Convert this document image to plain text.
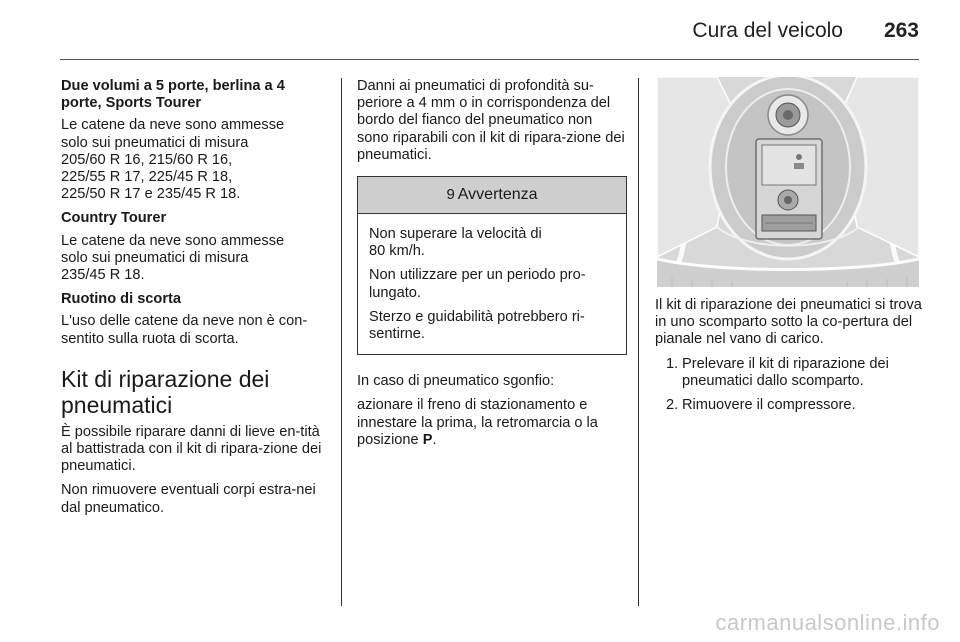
Cura del veicolo 263

Due volumi a 5 porte, berlina a 4 porte, Sports Tourer

Le catene da neve sono ammesse
solo sui pneumatici di misura
205/60 R 16, 215/60 R 16,
225/55 R 17, 225/45 R 18,
225/50 R 17 e 235/45 R 18.

Country Tourer

Le catene da neve sono ammesse
solo sui pneumatici di misura
235/45 R 18.

Ruotino di scorta

L'uso delle catene da neve non è con-sentito sulla ruota di scorta.

Kit di riparazione dei pneumatici

È possibile riparare danni di lieve en-tità al battistrada con il kit di ripara-zione dei pneumatici.

Non rimuovere eventuali corpi estra-nei dal pneumatico.

Danni ai pneumatici di profondità su-periore a 4 mm o in corrispondenza del bordo del fianco del pneumatico non sono riparabili con il kit di ripara-zione dei pneumatici.

9 Avvertenza

Non superare la velocità di
80 km/h.

Non utilizzare per un periodo pro-lungato.

Sterzo e guidabilità potrebbero ri-sentirne.

In caso di pneumatico sgonfio:

azionare il freno di stazionamento e innestare la prima, la retromarcia o la posizione P.

Il kit di riparazione dei pneumatici si trova in uno scomparto sotto la co-pertura del pianale nel vano di carico.

1. Prelevare il kit di riparazione dei pneumatici dallo scomparto.
2. Rimuovere il compressore.
carmanualsonline.info
